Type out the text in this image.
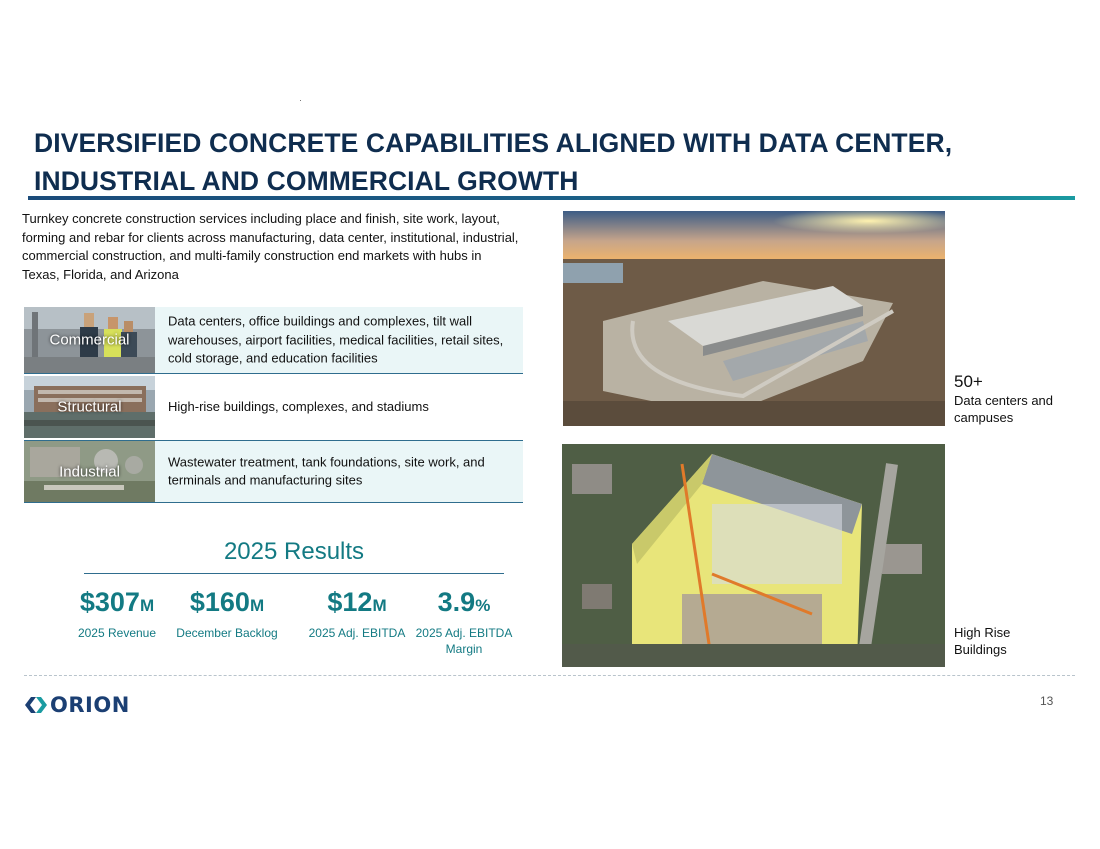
DIVERSIFIED CONCRETE CAPABILITIES ALIGNED WITH DATA CENTER, INDUSTRIAL AND COMMERCIAL GROWTH

Turnkey concrete construction services including place and finish, site work, layout, forming and rebar for clients across manufacturing, data center, institutional, industrial, commercial construction, and multi-family construction end markets with hubs in Texas, Florida, and Arizona

Commercial
Data centers, office buildings and complexes, tilt wall warehouses, airport facilities, medical facilities, retail sites, cold storage, and education facilities
Structural	High-rise buildings, complexes, and stadiums
Industrial
Wastewater treatment, tank foundations, site work, and terminals and manufacturing sites
2025 Results
$307M
2025 Revenue
$160M
December Backlog
$12M
2025 Adj. EBITDA
3.9%
2025 Adj. EBITDA Margin
50+
Data centers and campuses
High Rise Buildings
ORION	13
